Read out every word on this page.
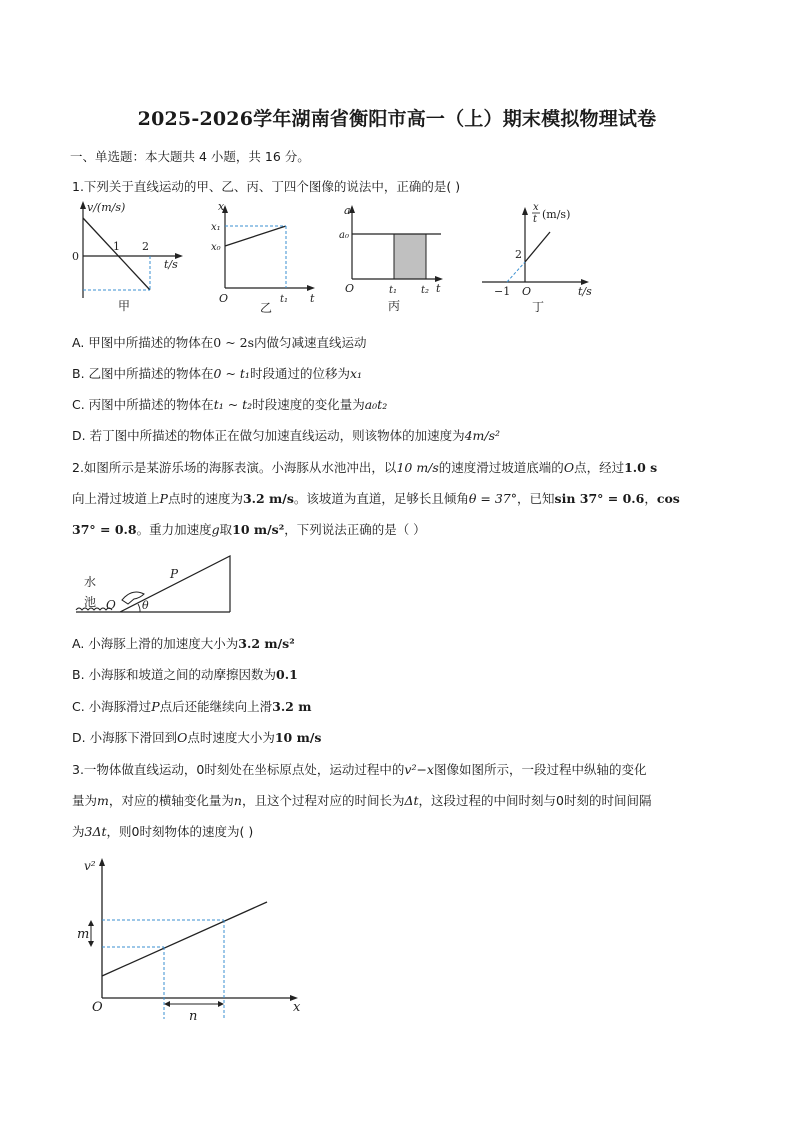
2025-2026学年湖南省衡阳市高一（上）期末模拟物理试卷
一、单选题：本大题共 4 小题，共 16 分。
1.下列关于直线运动的甲、乙、丙、丁四个图像的说法中，正确的是( )
v/(m/s)
0
1 2
t/s
甲
x
x₁
x₀
O	t₁ t
乙
a
a₀
O	t₁ t₂ t
丙
x
t (m/s)
2
−1 O	t/s
丁
A. 甲图中所描述的物体在0 ~ 2s内做匀减速直线运动
B. 乙图中所描述的物体在0 ~ t₁时段通过的位移为x₁
C. 丙图中所描述的物体在t₁ ~ t₂时段速度的变化量为a₀t₂
D. 若丁图中所描述的物体正在做匀加速直线运动，则该物体的加速度为4m/s²
2.如图所示是某游乐场的海豚表演。小海豚从水池冲出，以10 m/s的速度滑过坡道底端的O点，经过1.0 s
向上滑过坡道上P点时的速度为3.2 m/s。该坡道为直道，足够长且倾角θ = 37°，已知sin 37° = 0.6，cos
37° = 0.8。重力加速度g取10 m/s²，下列说法正确的是（ ）
水
池 O
P
θ
A. 小海豚上滑的加速度大小为3.2 m/s²
B. 小海豚和坡道之间的动摩擦因数为0.1
C. 小海豚滑过P点后还能继续向上滑3.2 m
D. 小海豚下滑回到O点时速度大小为10 m/s
3.一物体做直线运动，0时刻处在坐标原点处，运动过程中的v²−x图像如图所示，一段过程中纵轴的变化
量为m，对应的横轴变化量为n，且这个过程对应的时间长为Δt，这段过程的中间时刻与0时刻的时间间隔
为3Δt，则0时刻物体的速度为( )
v²
m
O
n
x
